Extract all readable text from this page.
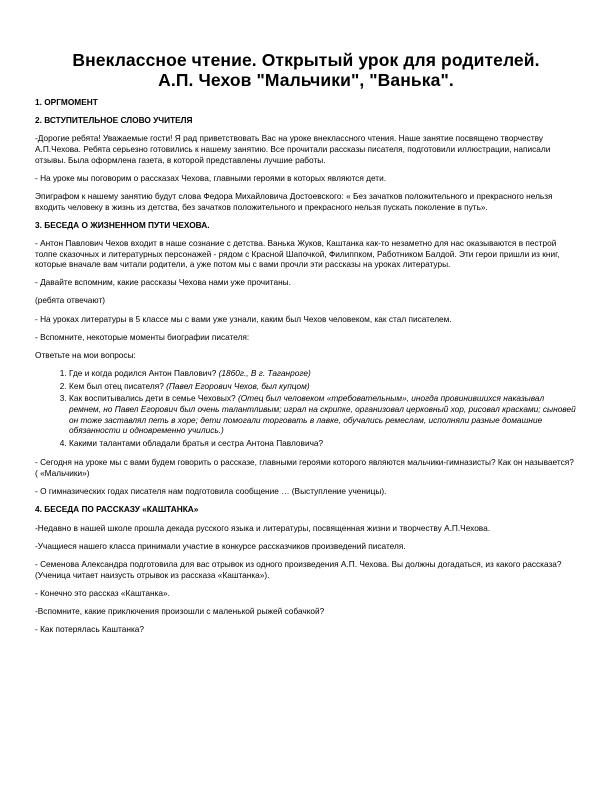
Внеклассное чтение. Открытый урок для родителей.
А.П. Чехов "Мальчики", "Ванька".

1. ОРГМОМЕНТ

2. ВСТУПИТЕЛЬНОЕ СЛОВО УЧИТЕЛЯ

-Дорогие ребята! Уважаемые гости! Я рад приветствовать Вас на уроке внеклассного чтения. Наше занятие посвящено творчеству А.П.Чехова. Ребята серьезно готовились к нашему занятию. Все прочитали рассказы писателя, подготовили иллюстрации, написали отзывы. Была оформлена газета, в которой представлены лучшие работы.

- На уроке мы поговорим о рассказах Чехова, главными героями в которых являются дети.

Эпиграфом к нашему занятию будут слова Федора Михайловича Достоевского: « Без зачатков положительного и прекрасного нельзя входить человеку в жизнь из детства, без зачатков положительного и прекрасного нельзя пускать поколение в путь».

3. БЕСЕДА О ЖИЗНЕННОМ ПУТИ ЧЕХОВА.

- Антон Павлович Чехов входит в наше сознание с детства. Ванька Жуков, Каштанка как-то незаметно для нас оказываются в пестрой толпе сказочных и литературных персонажей - рядом с Красной Шапочкой, Филиппком, Работником Балдой. Эти герои пришли из книг, которые вначале вам читали родители, а уже потом мы с вами прочли эти рассказы на уроках литературы.

- Давайте вспомним, какие рассказы Чехова нами уже прочитаны.

(ребята отвечают)

- На уроках литературы в 5 классе мы с вами уже узнали, каким был Чехов человеком, как стал писателем.

- Вспомните, некоторые моменты биографии писателя:

Ответьте на мои вопросы:

1. Где и когда родился Антон Павлович? (1860г., В г. Таганроге)
2. Кем был отец писателя? (Павел Егорович Чехов, был купцом)
3. Как воспитывались дети в семье Чеховых? (Отец был человеком «требовательным», иногда провинившихся наказывал ремнем, но Павел Егорович был очень талантливым; играл на скрипке, организовал церковный хор, рисовал красками; сыновей он тоже заставлял петь в хоре; дети помогали торговать в лавке, обучались ремеслам, исполняли разные домашние обязанности и одновременно учились.)
4. Какими талантами обладали братья и сестра Антона Павловича?

- Сегодня на уроке мы с вами будем говорить о рассказе, главными героями которого являются мальчики-гимназисты? Как он называется? ( «Мальчики»)

- О гимназических годах писателя нам подготовила сообщение … (Выступление ученицы).

4. БЕСЕДА ПО РАССКАЗУ «КАШТАНКА»

-Недавно в нашей школе прошла декада русского языка и литературы, посвященная жизни и творчеству А.П.Чехова.

-Учащиеся нашего класса принимали участие в конкурсе рассказчиков произведений писателя.

- Семенова Александра подготовила для вас отрывок из одного произведения А.П. Чехова. Вы должны догадаться, из какого рассказа? (Ученица читает наизусть отрывок из рассказа «Каштанка»).

- Конечно это рассказ «Каштанка».

-Вспомните, какие приключения произошли с маленькой рыжей собачкой?

- Как потерялась Каштанка?
